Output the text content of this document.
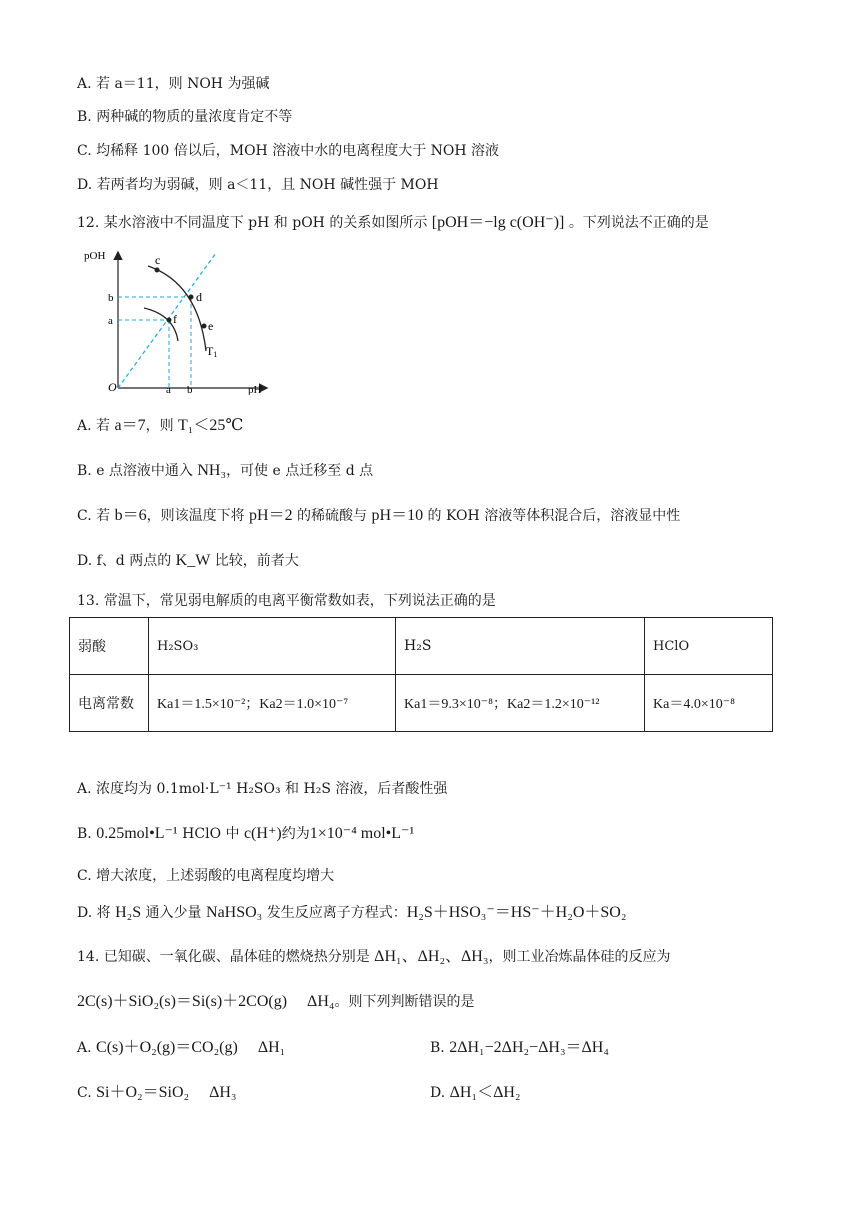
A. 若 a＝11，则 NOH 为强碱
B. 两种碱的物质的量浓度肯定不等
C. 均稀释 100 倍以后，MOH 溶液中水的电离程度大于 NOH 溶液
D. 若两者均为弱碱，则 a＜11，且 NOH 碱性强于 MOH
12. 某水溶液中不同温度下 pH 和 pOH 的关系如图所示 [pOH＝−lg c(OH⁻)] 。下列说法不正确的是
pOH
pH
O
c
d
e
f
T1
b
a
a b
A. 若 a＝7，则 T₁＜25℃
B. e 点溶液中通入 NH₃，可使 e 点迁移至 d 点
C. 若 b＝6，则该温度下将 pH＝2 的稀硫酸与 pH＝10 的 KOH 溶液等体积混合后，溶液显中性
D. f、d 两点的 K_W 比较，前者大
13. 常温下，常见弱电解质的电离平衡常数如表，下列说法正确的是
弱酸	H₂SO₃	H₂S	HClO
电离常数	Ka1＝1.5×10⁻²；Ka2＝1.0×10⁻⁷	Ka1＝9.3×10⁻⁸；Ka2＝1.2×10⁻¹²	Ka＝4.0×10⁻⁸
A. 浓度均为 0.1mol·L⁻¹ H₂SO₃ 和 H₂S 溶液，后者酸性强
B. 0.25mol•L⁻¹ HClO 中 c(H⁺)约为1×10⁻⁴ mol•L⁻¹
C. 增大浓度，上述弱酸的电离程度均增大
D. 将 H₂S 通入少量 NaHSO₃ 发生反应离子方程式：H₂S＋HSO₃⁻＝HS⁻＋H₂O＋SO₂
14. 已知碳、一氧化碳、晶体硅的燃烧热分别是 ΔH₁、ΔH₂、ΔH₃，则工业冶炼晶体硅的反应为
2C(s)＋SiO₂(s)＝Si(s)＋2CO(g)　 ΔH₄。则下列判断错误的是
A. C(s)＋O₂(g)＝CO₂(g)　 ΔH₁	B. 2ΔH₁−2ΔH₂−ΔH₃＝ΔH₄
C. Si＋O₂＝SiO₂　 ΔH₃	D. ΔH₁＜ΔH₂
